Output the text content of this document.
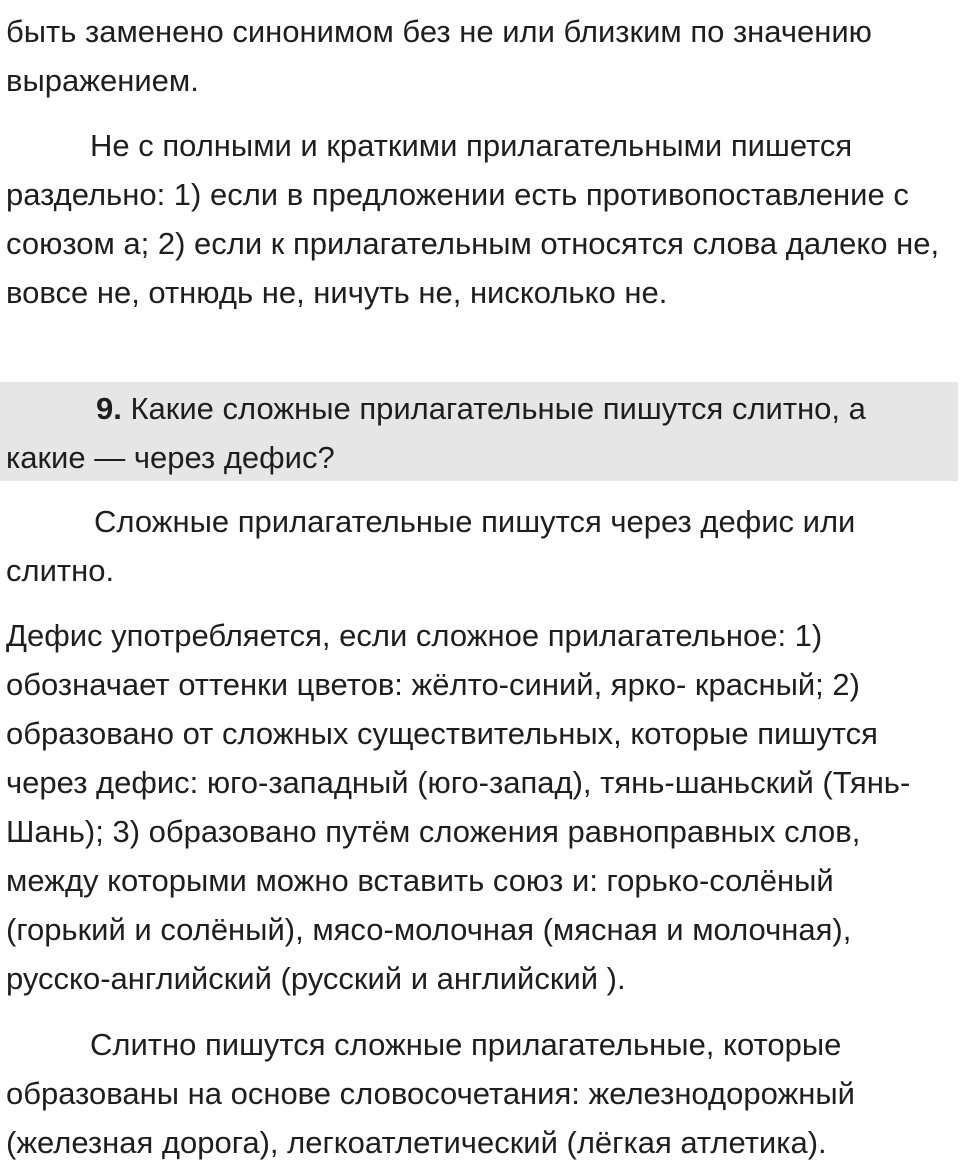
быть заменено синонимом без не или близким по значению выражением.

Не с полными и краткими прилагательными пишется раздельно: 1) если в предложении есть противопоставление с союзом а; 2) если к прилагательным относятся слова далеко не, вовсе не, отнюдь не, ничуть не, нисколько не.

9. Какие сложные прилагательные пишутся слитно, а какие — через дефис?

Сложные прилагательные пишутся через дефис или слитно.

Дефис употребляется, если сложное прилагательное: 1) обозначает оттенки цветов: жёлто-синий, ярко- красный; 2) образовано от сложных существительных, которые пишутся через дефис: юго-западный (юго-запад), тянь-шаньский (Тянь-Шань); 3) образовано путём сложения равноправных слов, между которыми можно вставить союз и: горько-солёный (горький и солёный), мясо-молочная (мясная и молочная), русско-английский (русский и английский ).

Слитно пишутся сложные прилагательные, которые образованы на основе словосочетания: железнодорожный (железная дорога), легкоатлетический (лёгкая атлетика).
